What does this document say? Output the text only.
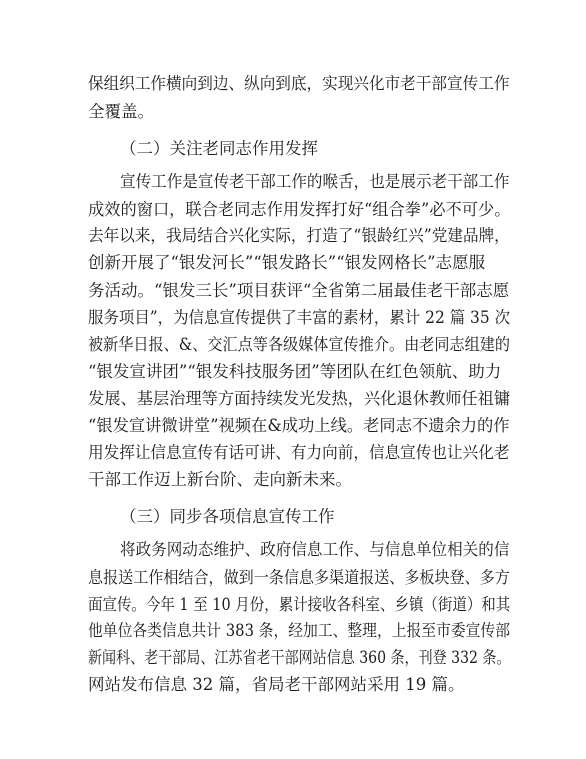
保组织工作横向到边、纵向到底，实现兴化市老干部宣传工作

全覆盖。

（二）关注老同志作用发挥

宣传工作是宣传老干部工作的喉舌，也是展示老干部工作

成效的窗口，联合老同志作用发挥打好“组合拳”必不可少。

去年以来，我局结合兴化实际，打造了“银龄红兴”党建品牌，

创新开展了“银发河长”“银发路长”“银发网格长”志愿服

务活动。“银发三长”项目获评“全省第二届最佳老干部志愿

服务项目”，为信息宣传提供了丰富的素材，累计 22 篇 35 次

被新华日报、&、交汇点等各级媒体宣传推介。由老同志组建的

“银发宣讲团”“银发科技服务团”等团队在红色领航、助力

发展、基层治理等方面持续发光发热，兴化退休教师任祖镛

“银发宣讲微讲堂”视频在&成功上线。老同志不遗余力的作

用发挥让信息宣传有话可讲、有力向前，信息宣传也让兴化老

干部工作迈上新台阶、走向新未来。

（三）同步各项信息宣传工作

将政务网动态维护、政府信息工作、与信息单位相关的信

息报送工作相结合，做到一条信息多渠道报送、多板块登、多方

面宣传。今年 1 至 10 月份，累计接收各科室、乡镇（街道）和其

他单位各类信息共计 383 条，经加工、整理，上报至市委宣传部

新闻科、老干部局、江苏省老干部网站信息 360 条，刊登 332 条。

网站发布信息 32 篇，省局老干部网站采用 19 篇。
